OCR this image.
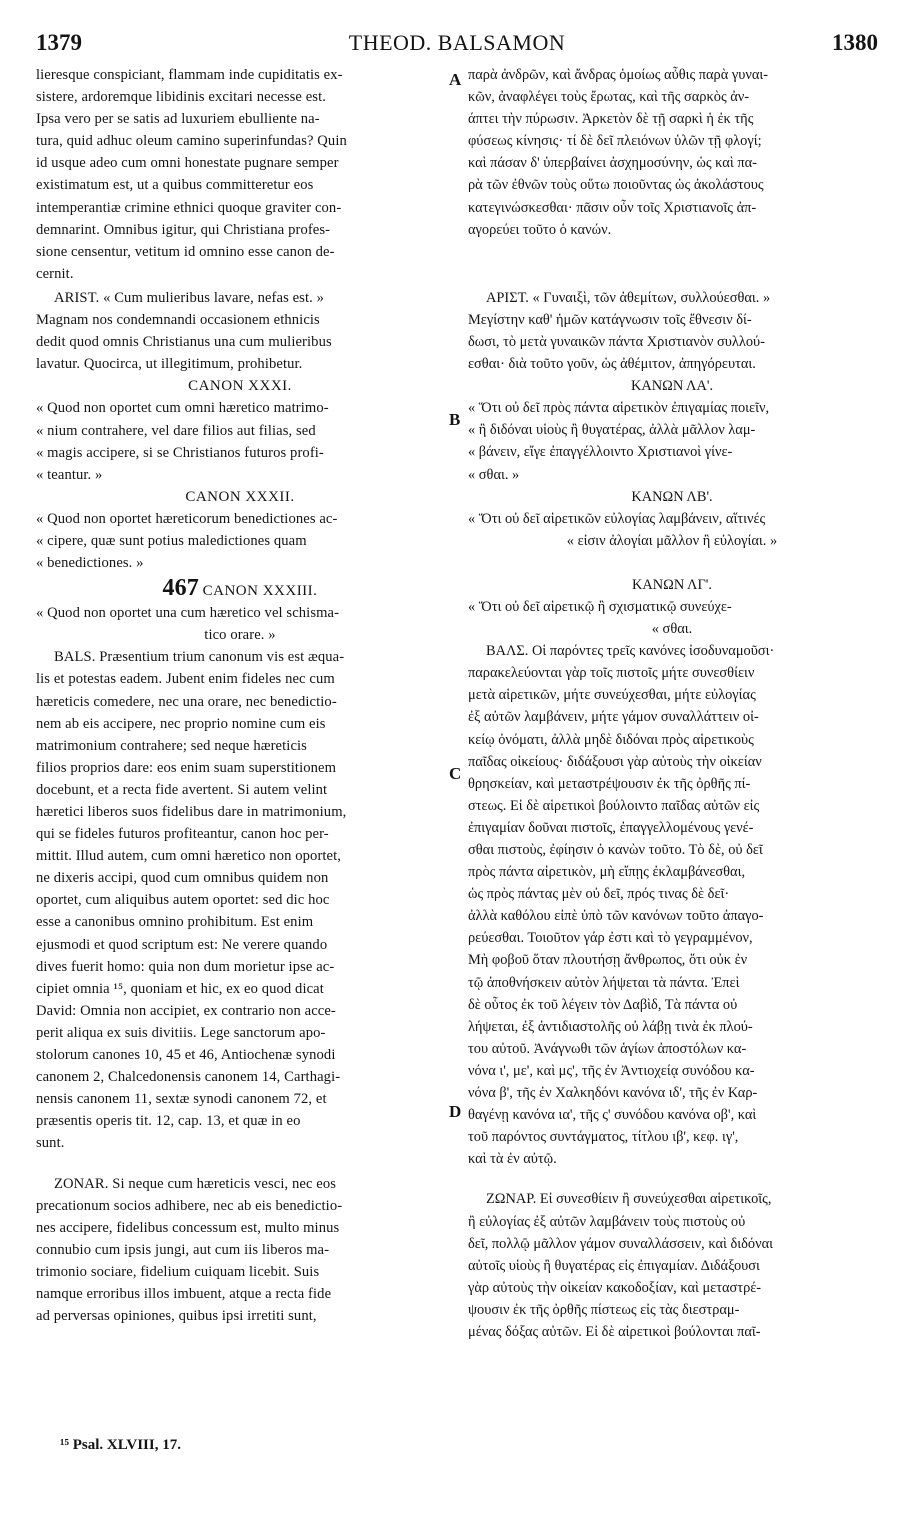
1379	THEOD. BALSAMON	1380
A
B
C
D
lieresque conspiciant, flammam inde cupiditatis ex-
sistere, ardoremque libidinis excitari necesse est.
Ipsa vero per se satis ad luxuriem ebulliente na-
tura, quid adhuc oleum camino superinfundas? Quin
id usque adeo cum omni honestate pugnare semper
existimatum est, ut a quibus committeretur eos
intemperantiæ crimine ethnici quoque graviter con-
demnarint. Omnibus igitur, qui Christiana profes-
sione censentur, vetitum id omnino esse canon de-
cernit.
ARIST. « Cum mulieribus lavare, nefas est. »
Magnam nos condemnandi occasionem ethnicis
dedit quod omnis Christianus una cum mulieribus
lavatur. Quocirca, ut illegitimum, prohibetur.
CANON XXXI.
« Quod non oportet cum omni hæretico matrimo-
« nium contrahere, vel dare filios aut filias, sed
« magis accipere, si se Christianos futuros profi-
« teantur. »
CANON XXXII.
« Quod non oportet hæreticorum benedictiones ac-
« cipere, quæ sunt potius maledictiones quam
« benedictiones. »
467 CANON XXXIII.
« Quod non oportet una cum hæretico vel schisma-
tico orare. »
BALS. Præsentium trium canonum vis est æqua-
lis et potestas eadem. Jubent enim fideles nec cum
hæreticis comedere, nec una orare, nec benedictio-
nem ab eis accipere, nec proprio nomine cum eis
matrimonium contrahere; sed neque hæreticis
filios proprios dare: eos enim suam superstitionem
docebunt, et a recta fide avertent. Si autem velint
hæretici liberos suos fidelibus dare in matrimonium,
qui se fideles futuros profiteantur, canon hoc per-
mittit. Illud autem, cum omni hæretico non oportet,
ne dixeris accipi, quod cum omnibus quidem non
oportet, cum aliquibus autem oportet: sed dic hoc
esse a canonibus omnino prohibitum. Est enim
ejusmodi et quod scriptum est: Ne verere quando
dives fuerit homo: quia non dum morietur ipse ac-
cipiet omnia ¹⁵, quoniam et hic, ex eo quod dicat
David: Omnia non accipiet, ex contrario non acce-
perit aliqua ex suis divitiis. Lege sanctorum apo-
stolorum canones 10, 45 et 46, Antiochenæ synodi
canonem 2, Chalcedonensis canonem 14, Carthagi-
nensis canonem 11, sextæ synodi canonem 72, et
præsentis operis tit. 12, cap. 13, et quæ in eo
sunt.
ZONAR. Si neque cum hæreticis vesci, nec eos
precationum socios adhibere, nec ab eis benedictio-
nes accipere, fidelibus concessum est, multo minus
connubio cum ipsis jungi, aut cum iis liberos ma-
trimonio sociare, fidelium cuiquam licebit. Suis
namque erroribus illos imbuent, atque a recta fide
ad perversas opiniones, quibus ipsi irretiti sunt,
παρὰ ἀνδρῶν, καὶ ἄνδρας ὁμοίως αὖθις παρὰ γυναι-
κῶν, ἀναφλέγει τοὺς ἔρωτας, καὶ τῆς σαρκὸς ἀν-
άπτει τὴν πύρωσιν. Ἀρκετὸν δὲ τῇ σαρκὶ ἡ ἐκ τῆς
φύσεως κίνησις· τί δὲ δεῖ πλειόνων ὑλῶν τῇ φλογί;
καὶ πάσαν δ' ὑπερβαίνει ἀσχημοσύνην, ὡς καὶ πα-
ρὰ τῶν ἐθνῶν τοὺς οὕτω ποιοῦντας ὡς ἀκολάστους
κατεγινώσκεσθαι· πᾶσιν οὖν τοῖς Χριστιανοῖς ἀπ-
αγορεύει τοῦτο ὁ κανών.
ΑΡΙΣΤ. « Γυναιξὶ, τῶν ἀθεμίτων, συλλούεσθαι. »
Μεγίστην καθ' ἡμῶν κατάγνωσιν τοῖς ἔθνεσιν δί-
δωσι, τὸ μετὰ γυναικῶν πάντα Χριστιανὸν συλλού-
εσθαι· διὰ τοῦτο γοῦν, ὡς ἀθέμιτον, ἀπηγόρευται.
ΚΑΝΩΝ ΛΑ'.
« Ὅτι οὐ δεῖ πρὸς πάντα αἱρετικὸν ἐπιγαμίας ποιεῖν,
« ἢ διδόναι υἱοὺς ἢ θυγατέρας, ἀλλὰ μᾶλλον λαμ-
« βάνειν, εἴγε ἐπαγγέλλοιντο Χριστιανοὶ γίνε-
« σθαι. »
ΚΑΝΩΝ ΛΒ'.
« Ὅτι οὐ δεῖ αἱρετικῶν εὐλογίας λαμβάνειν, αἵτινές
« εἰσιν ἀλογίαι μᾶλλον ἢ εὐλογίαι. »
ΚΑΝΩΝ ΛΓ'.
« Ὅτι οὐ δεῖ αἱρετικῷ ἢ σχισματικῷ συνεύχε-
« σθαι.
ΒΑΛΣ. Οἱ παρόντες τρεῖς κανόνες ἰσοδυναμοῦσι·
παρακελεύονται γὰρ τοῖς πιστοῖς μήτε συνεσθίειν
μετὰ αἱρετικῶν, μήτε συνεύχεσθαι, μήτε εὐλογίας
ἐξ αὐτῶν λαμβάνειν, μήτε γάμον συναλλάττειν οἰ-
κείῳ ὀνόματι, ἀλλὰ μηδὲ διδόναι πρὸς αἱρετικοὺς
παῖδας οἰκείους· διδάξουσι γὰρ αὐτοὺς τὴν οἰκείαν
θρησκείαν, καὶ μεταστρέψουσιν ἐκ τῆς ὀρθῆς πί-
στεως. Εἰ δὲ αἱρετικοὶ βούλοιντο παῖδας αὐτῶν εἰς
ἐπιγαμίαν δοῦναι πιστοῖς, ἐπαγγελλομένους γενέ-
σθαι πιστοὺς, ἐφίησιν ὁ κανὼν τοῦτο. Τὸ δὲ, οὐ δεῖ
πρὸς πάντα αἱρετικὸν, μὴ εἴπῃς ἐκλαμβάνεσθαι,
ὡς πρὸς πάντας μὲν οὐ δεῖ, πρός τινας δὲ δεῖ·
ἀλλὰ καθόλου εἰπὲ ὑπὸ τῶν κανόνων τοῦτο ἀπαγο-
ρεύεσθαι. Τοιοῦτον γάρ ἐστι καὶ τὸ γεγραμμένον,
Μὴ φοβοῦ ὅταν πλουτήσῃ ἄνθρωπος, ὅτι οὐκ ἐν
τῷ ἀποθνήσκειν αὐτὸν λήψεται τὰ πάντα. Ἐπεὶ
δὲ οὗτος ἐκ τοῦ λέγειν τὸν Δαβὶδ, Τὰ πάντα οὐ
λήψεται, ἐξ ἀντιδιαστολῆς οὐ λάβῃ τινὰ ἐκ πλού-
του αὐτοῦ. Ἀνάγνωθι τῶν ἁγίων ἀποστόλων κα-
νόνα ι', με', καὶ μς', τῆς ἐν Ἀντιοχείᾳ συνόδου κα-
νόνα β', τῆς ἐν Χαλκηδόνι κανόνα ιδ', τῆς ἐν Καρ-
θαγένῃ κανόνα ια', τῆς ς' συνόδου κανόνα οβ', καὶ
τοῦ παρόντος συντάγματος, τίτλου ιβ', κεφ. ιγ',
καὶ τὰ ἐν αὐτῷ.
ΖΩΝΑΡ. Εἰ συνεσθίειν ἢ συνεύχεσθαι αἱρετικοῖς,
ἢ εὐλογίας ἐξ αὐτῶν λαμβάνειν τοὺς πιστοὺς οὐ
δεῖ, πολλῷ μᾶλλον γάμον συναλλάσσειν, καὶ διδόναι
αὐτοῖς υἱοὺς ἢ θυγατέρας εἰς ἐπιγαμίαν. Διδάξουσι
γὰρ αὐτοὺς τὴν οἰκείαν κακοδοξίαν, καὶ μεταστρέ-
ψουσιν ἐκ τῆς ὀρθῆς πίστεως εἰς τὰς διεστραμ-
μένας δόξας αὐτῶν. Εἰ δὲ αἱρετικοὶ βούλονται παῖ-
¹⁵ Psal. XLVIII, 17.
